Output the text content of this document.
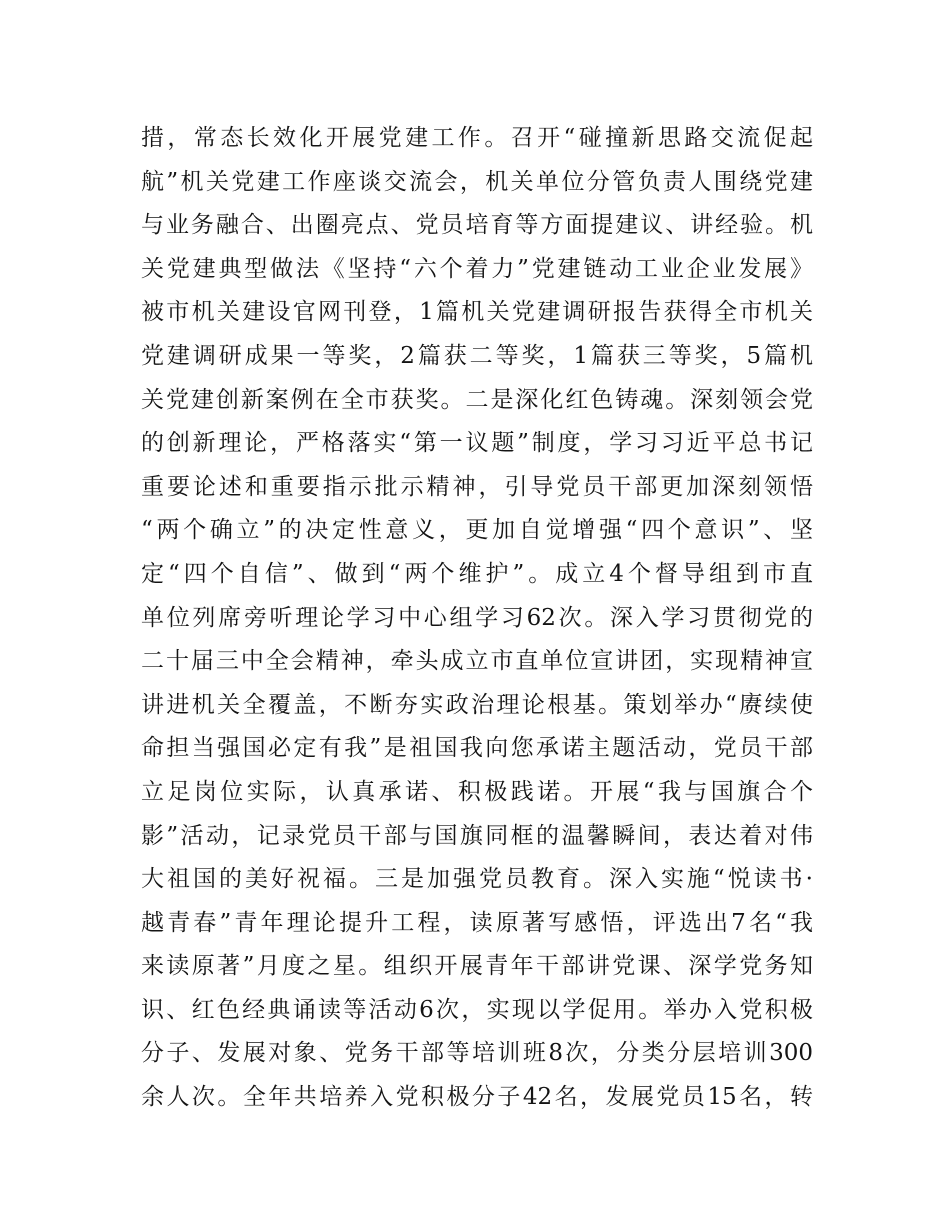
措，常态长效化开展党建工作。召开“碰撞新思路交流促起
航”机关党建工作座谈交流会，机关单位分管负责人围绕党建
与业务融合、出圈亮点、党员培育等方面提建议、讲经验。机
关党建典型做法《坚持“六个着力”党建链动工业企业发展》
被市机关建设官网刊登，1篇机关党建调研报告获得全市机关
党建调研成果一等奖，2篇获二等奖，1篇获三等奖，5篇机
关党建创新案例在全市获奖。二是深化红色铸魂。深刻领会党
的创新理论，严格落实“第一议题”制度，学习习近平总书记
重要论述和重要指示批示精神，引导党员干部更加深刻领悟
“两个确立”的决定性意义，更加自觉增强“四个意识”、坚
定“四个自信”、做到“两个维护”。成立4个督导组到市直
单位列席旁听理论学习中心组学习62次。深入学习贯彻党的
二十届三中全会精神，牵头成立市直单位宣讲团，实现精神宣
讲进机关全覆盖，不断夯实政治理论根基。策划举办“赓续使
命担当强国必定有我”是祖国我向您承诺主题活动，党员干部
立足岗位实际，认真承诺、积极践诺。开展“我与国旗合个
影”活动，记录党员干部与国旗同框的温馨瞬间，表达着对伟
大祖国的美好祝福。三是加强党员教育。深入实施“悦读书·
越青春”青年理论提升工程，读原著写感悟，评选出7名“我
来读原著”月度之星。组织开展青年干部讲党课、深学党务知
识、红色经典诵读等活动6次，实现以学促用。举办入党积极
分子、发展对象、党务干部等培训班8次，分类分层培训300
余人次。全年共培养入党积极分子42名，发展党员15名，转
